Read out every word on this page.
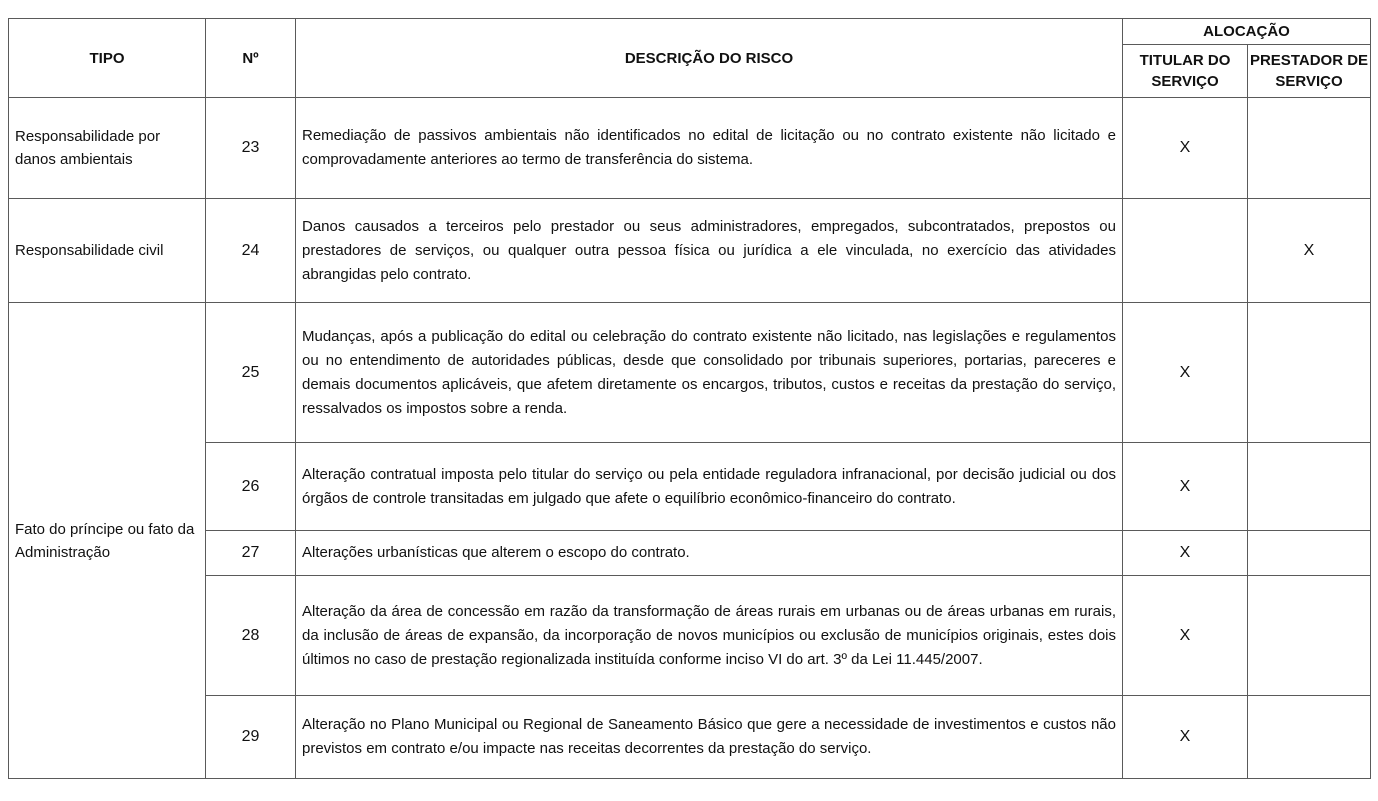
TIPO	Nº	DESCRIÇÃO DO RISCO	ALOCAÇÃO	
			TITULAR DO SERVIÇO	PRESTADOR DE SERVIÇO
Responsabilidade por danos ambientais	23	Remediação de passivos ambientais não identificados no edital de licitação ou no contrato existente não licitado e comprovadamente anteriores ao termo de transferência do sistema.	X	
Responsabilidade civil	24	Danos causados a terceiros pelo prestador ou seus administradores, empregados, subcontratados, prepostos ou prestadores de serviços, ou qualquer outra pessoa física ou jurídica a ele vinculada, no exercício das atividades abrangidas pelo contrato.		X
Fato do príncipe ou fato da Administração	25	Mudanças, após a publicação do edital ou celebração do contrato existente não licitado, nas legislações e regulamentos ou no entendimento de autoridades públicas, desde que consolidado por tribunais superiores, portarias, pareceres e demais documentos aplicáveis, que afetem diretamente os encargos, tributos, custos e receitas da prestação do serviço, ressalvados os impostos sobre a renda.	X	
	26	Alteração contratual imposta pelo titular do serviço ou pela entidade reguladora infranacional, por decisão judicial ou dos órgãos de controle transitadas em julgado que afete o equilíbrio econômico-financeiro do contrato.	X	
	27	Alterações urbanísticas que alterem o escopo do contrato.	X	
	28	Alteração da área de concessão em razão da transformação de áreas rurais em urbanas ou de áreas urbanas em rurais, da inclusão de áreas de expansão, da incorporação de novos municípios ou exclusão de municípios originais, estes dois últimos no caso de prestação regionalizada instituída conforme inciso VI do art. 3º da Lei 11.445/2007.	X	
	29	Alteração no Plano Municipal ou Regional de Saneamento Básico que gere a necessidade de investimentos e custos não previstos em contrato e/ou impacte nas receitas decorrentes da prestação do serviço.	X	
